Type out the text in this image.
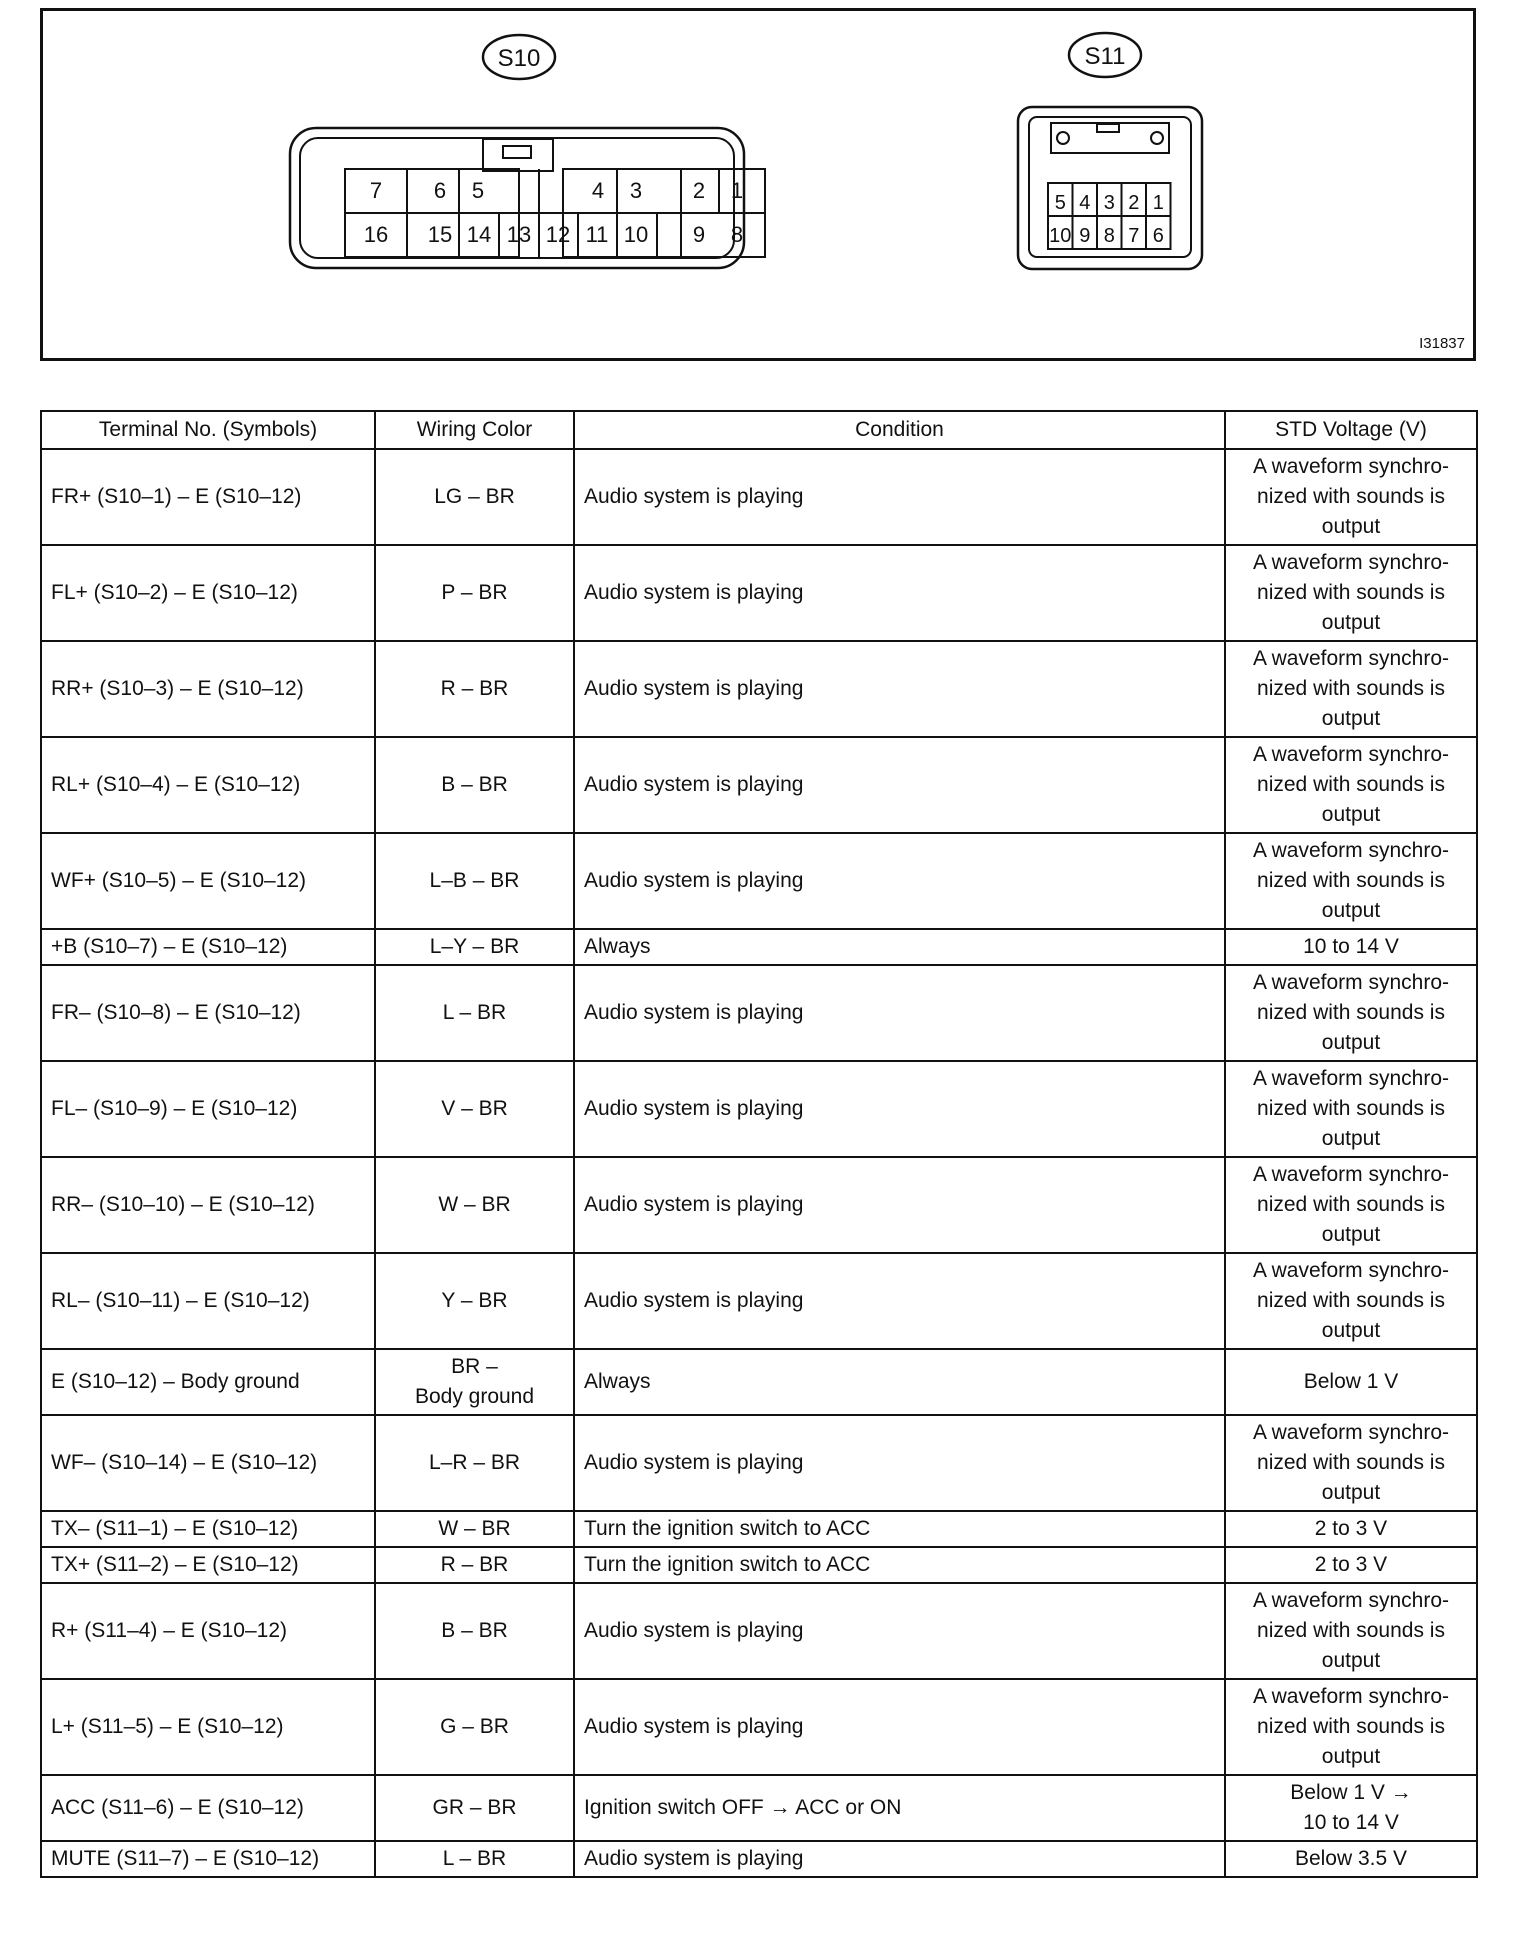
S10
7 6 5	4 3 2 1
16 15 14 13 12 11 10 9 8
S11
5 4 3 2 1
10 9 8 7 6
I31837
Terminal No. (Symbols)	Wiring Color	Condition	STD Voltage (V)
FR+ (S10–1) – E (S10–12)	LG – BR	Audio system is playing	A waveform synchro-
nized with sounds is
output
FL+ (S10–2) – E (S10–12)	P – BR	Audio system is playing	A waveform synchro-
nized with sounds is
output
RR+ (S10–3) – E (S10–12)	R – BR	Audio system is playing	A waveform synchro-
nized with sounds is
output
RL+ (S10–4) – E (S10–12)	B – BR	Audio system is playing	A waveform synchro-
nized with sounds is
output
WF+ (S10–5) – E (S10–12)	L–B – BR	Audio system is playing	A waveform synchro-
nized with sounds is
output
+B (S10–7) – E (S10–12)	L–Y – BR	Always	10 to 14 V
FR– (S10–8) – E (S10–12)	L – BR	Audio system is playing	A waveform synchro-
nized with sounds is
output
FL– (S10–9) – E (S10–12)	V – BR	Audio system is playing	A waveform synchro-
nized with sounds is
output
RR– (S10–10) – E (S10–12)	W – BR	Audio system is playing	A waveform synchro-
nized with sounds is
output
RL– (S10–11) – E (S10–12)	Y – BR	Audio system is playing	A waveform synchro-
nized with sounds is
output
E (S10–12) – Body ground	BR –
Body ground	Always	Below 1 V
WF– (S10–14) – E (S10–12)	L–R – BR	Audio system is playing	A waveform synchro-
nized with sounds is
output
TX– (S11–1) – E (S10–12)	W – BR	Turn the ignition switch to ACC	2 to 3 V
TX+ (S11–2) – E (S10–12)	R – BR	Turn the ignition switch to ACC	2 to 3 V
R+ (S11–4) – E (S10–12)	B – BR	Audio system is playing	A waveform synchro-
nized with sounds is
output
L+ (S11–5) – E (S10–12)	G – BR	Audio system is playing	A waveform synchro-
nized with sounds is
output
ACC (S11–6) – E (S10–12)	GR – BR	Ignition switch OFF → ACC or ON	Below 1 V →
10 to 14 V
MUTE (S11–7) – E (S10–12)	L – BR	Audio system is playing	Below 3.5 V
